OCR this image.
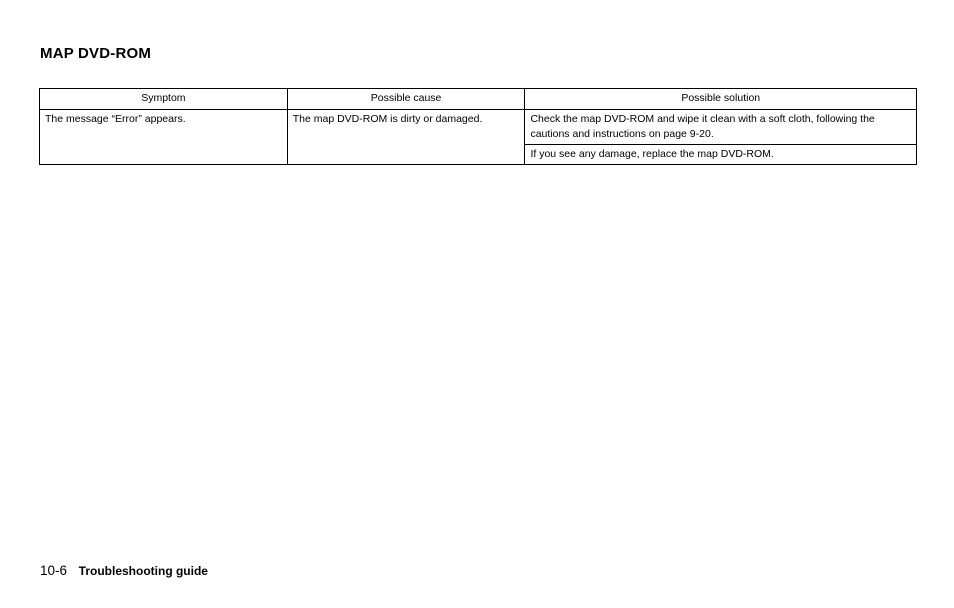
MAP DVD-ROM
Symptom	Possible cause	Possible solution
The message “Error” appears.	The map DVD-ROM is dirty or damaged.	Check the map DVD-ROM and wipe it clean with a soft cloth, following the cautions and instructions on page 9-20.
		If you see any damage, replace the map DVD-ROM.
10-6 Troubleshooting guide
